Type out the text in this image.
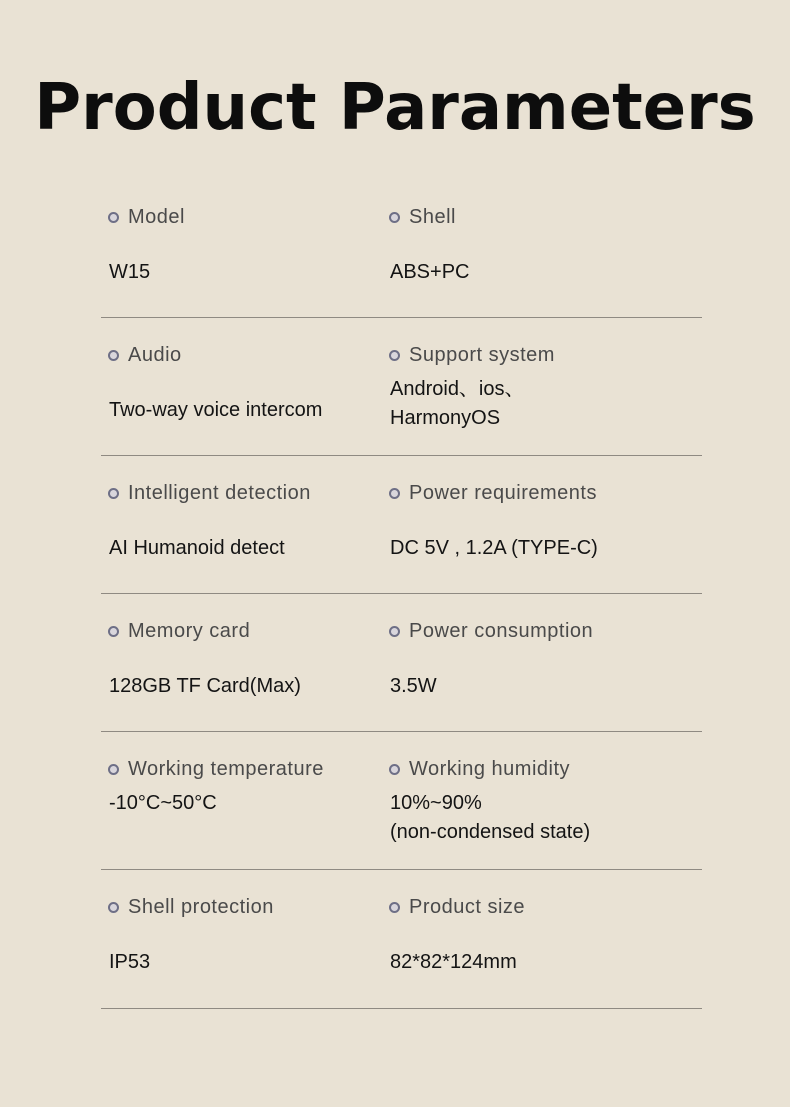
Product Parameters
Model
W15
Shell
ABS+PC
Audio
Two-way voice intercom
Support system
Android、ios、
HarmonyOS
Intelligent detection
AI Humanoid detect
Power requirements
DC 5V , 1.2A (TYPE-C)
Memory card
128GB TF Card(Max)
Power consumption
3.5W
Working temperature
-10°C~50°C
Working humidity
10%~90%
(non-condensed state)
Shell protection
IP53
Product size
82*82*124mm
